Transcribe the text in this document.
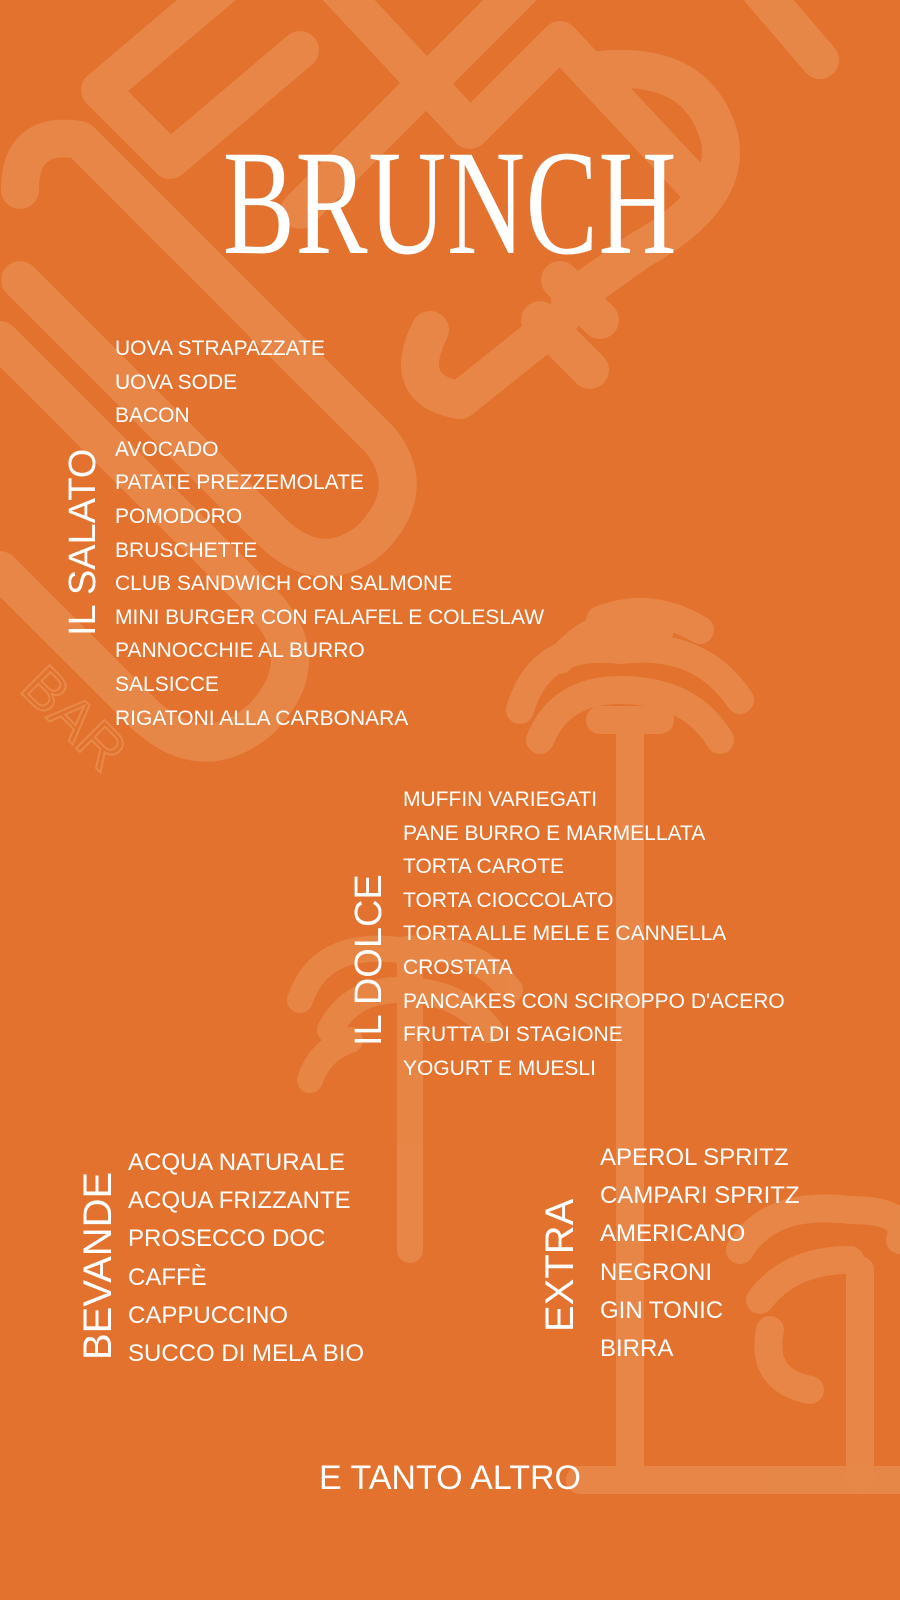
BAR
BRUNCH
IL SALATO
UOVA STRAPAZZATE
UOVA SODE
BACON
AVOCADO
PATATE PREZZEMOLATE
POMODORO
BRUSCHETTE
CLUB SANDWICH CON SALMONE
MINI BURGER CON FALAFEL E COLESLAW
PANNOCCHIE AL BURRO
SALSICCE
RIGATONI ALLA CARBONARA
IL DOLCE
MUFFIN VARIEGATI
PANE BURRO E MARMELLATA
TORTA CAROTE
TORTA CIOCCOLATO
TORTA ALLE MELE E CANNELLA
CROSTATA
PANCAKES CON SCIROPPO D'ACERO
FRUTTA DI STAGIONE
YOGURT E MUESLI
BEVANDE
ACQUA NATURALE
ACQUA FRIZZANTE
PROSECCO DOC
CAFFÈ
CAPPUCCINO
SUCCO DI MELA BIO
EXTRA
APEROL SPRITZ
CAMPARI SPRITZ
AMERICANO
NEGRONI
GIN TONIC
BIRRA
E TANTO ALTRO
